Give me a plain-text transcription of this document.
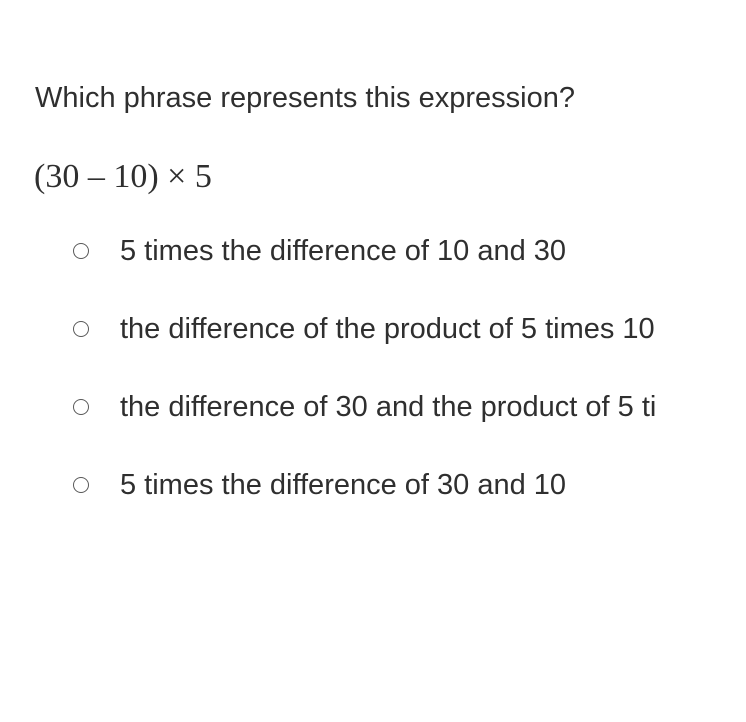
Which phrase represents this expression?
(30 – 10) × 5
5 times the difference of 10 and 30
the difference of the product of 5 times 10
the difference of 30 and the product of 5 ti
5 times the difference of 30 and 10
